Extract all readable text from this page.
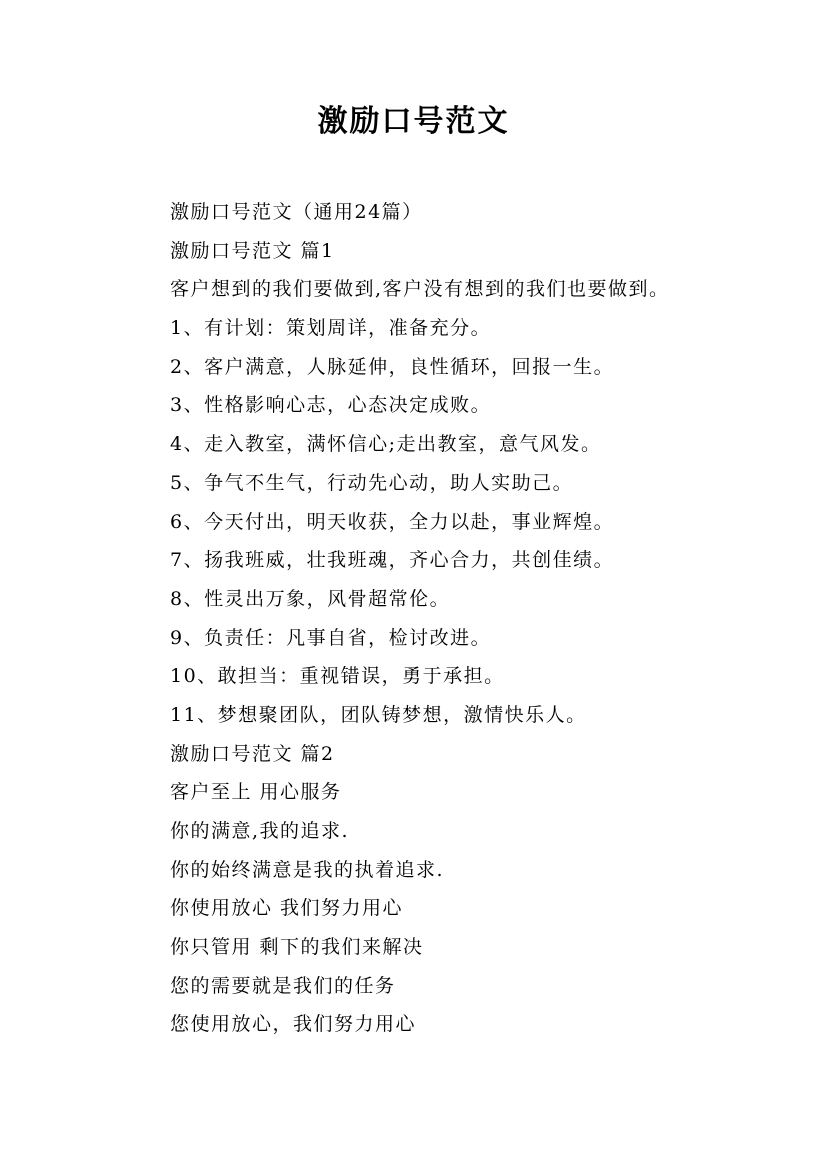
激励口号范文
激励口号范文（通用24篇）
激励口号范文 篇1
客户想到的我们要做到,客户没有想到的我们也要做到。
1、有计划：策划周详，准备充分。
2、客户满意，人脉延伸，良性循环，回报一生。
3、性格影响心志，心态决定成败。
4、走入教室，满怀信心;走出教室，意气风发。
5、争气不生气，行动先心动，助人实助己。
6、今天付出，明天收获，全力以赴，事业辉煌。
7、扬我班威，壮我班魂，齐心合力，共创佳绩。
8、性灵出万象，风骨超常伦。
9、负责任：凡事自省，检讨改进。
10、敢担当：重视错误，勇于承担。
11、梦想聚团队，团队铸梦想，激情快乐人。
激励口号范文 篇2
客户至上 用心服务
你的满意,我的追求.
你的始终满意是我的执着追求.
你使用放心 我们努力用心
你只管用 剩下的我们来解决
您的需要就是我们的任务
您使用放心，我们努力用心
